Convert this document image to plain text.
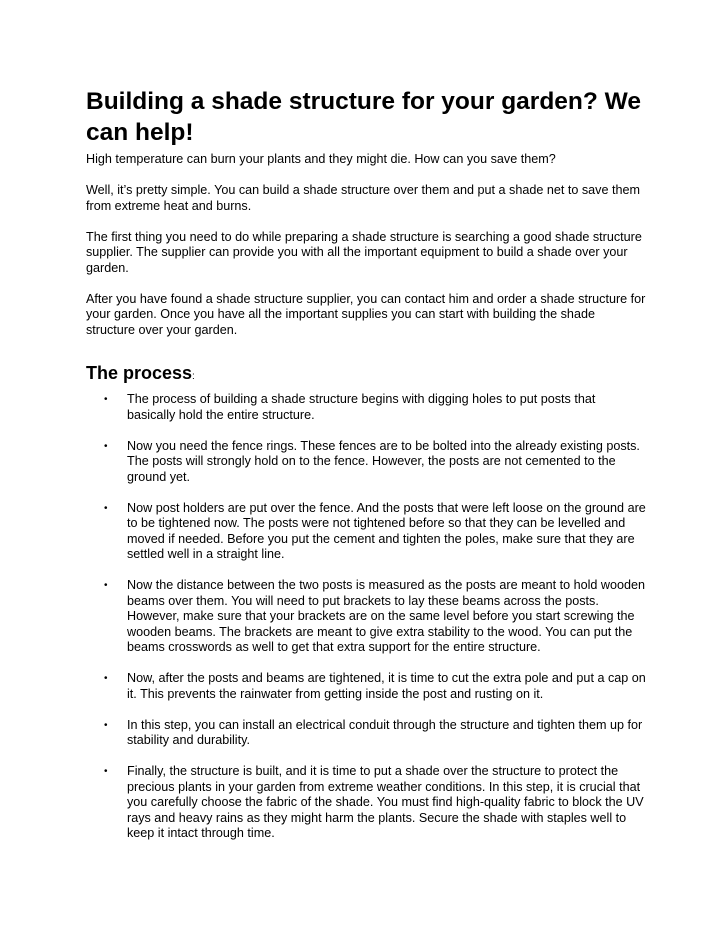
Building a shade structure for your garden? We can help!

High temperature can burn your plants and they might die. How can you save them?

Well, it’s pretty simple. You can build a shade structure over them and put a shade net to save them from extreme heat and burns.

The first thing you need to do while preparing a shade structure is searching a good shade structure supplier. The supplier can provide you with all the important equipment to build a shade over your garden.

After you have found a shade structure supplier, you can contact him and order a shade structure for your garden. Once you have all the important supplies you can start with building the shade structure over your garden.

The process:
• The process of building a shade structure begins with digging holes to put posts that basically hold the entire structure.
• Now you need the fence rings. These fences are to be bolted into the already existing posts. The posts will strongly hold on to the fence. However, the posts are not cemented to the ground yet.
• Now post holders are put over the fence. And the posts that were left loose on the ground are to be tightened now. The posts were not tightened before so that they can be levelled and moved if needed. Before you put the cement and tighten the poles, make sure that they are settled well in a straight line.
• Now the distance between the two posts is measured as the posts are meant to hold wooden beams over them. You will need to put brackets to lay these beams across the posts. However, make sure that your brackets are on the same level before you start screwing the wooden beams. The brackets are meant to give extra stability to the wood. You can put the beams crosswords as well to get that extra support for the entire structure.
• Now, after the posts and beams are tightened, it is time to cut the extra pole and put a cap on it. This prevents the rainwater from getting inside the post and rusting on it.
• In this step, you can install an electrical conduit through the structure and tighten them up for stability and durability.
• Finally, the structure is built, and it is time to put a shade over the structure to protect the precious plants in your garden from extreme weather conditions. In this step, it is crucial that you carefully choose the fabric of the shade. You must find high-quality fabric to block the UV rays and heavy rains as they might harm the plants. Secure the shade with staples well to keep it intact through time.
